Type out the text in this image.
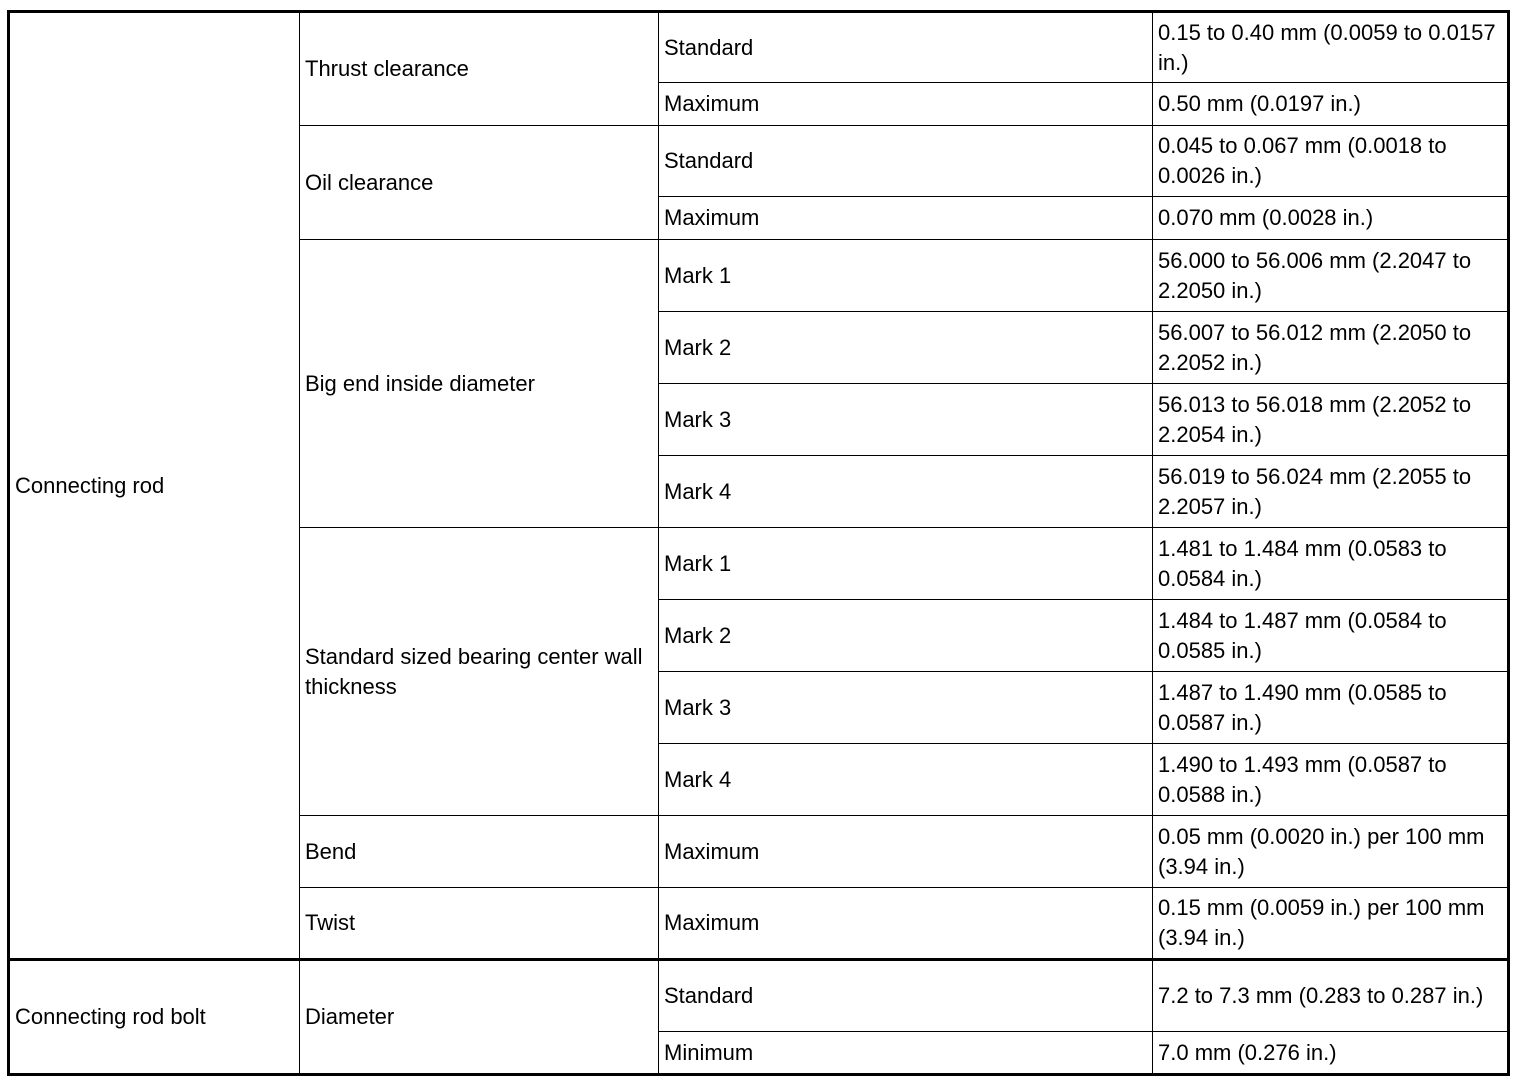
Connecting rod	Thrust clearance	Standard	0.15 to 0.40 mm (0.0059 to 0.0157 in.)
		Maximum	0.50 mm (0.0197 in.)
	Oil clearance	Standard	0.045 to 0.067 mm (0.0018 to 0.0026 in.)
		Maximum	0.070 mm (0.0028 in.)
	Big end inside diameter	Mark 1	56.000 to 56.006 mm (2.2047 to 2.2050 in.)
		Mark 2	56.007 to 56.012 mm (2.2050 to 2.2052 in.)
		Mark 3	56.013 to 56.018 mm (2.2052 to 2.2054 in.)
		Mark 4	56.019 to 56.024 mm (2.2055 to 2.2057 in.)
	Standard sized bearing center wall thickness	Mark 1	1.481 to 1.484 mm (0.0583 to 0.0584 in.)
		Mark 2	1.484 to 1.487 mm (0.0584 to 0.0585 in.)
		Mark 3	1.487 to 1.490 mm (0.0585 to 0.0587 in.)
		Mark 4	1.490 to 1.493 mm (0.0587 to 0.0588 in.)
	Bend	Maximum	0.05 mm (0.0020 in.) per 100 mm (3.94 in.)
	Twist	Maximum	0.15 mm (0.0059 in.) per 100 mm (3.94 in.)
Connecting rod bolt	Diameter	Standard	7.2 to 7.3 mm (0.283 to 0.287 in.)
		Minimum	7.0 mm (0.276 in.)
